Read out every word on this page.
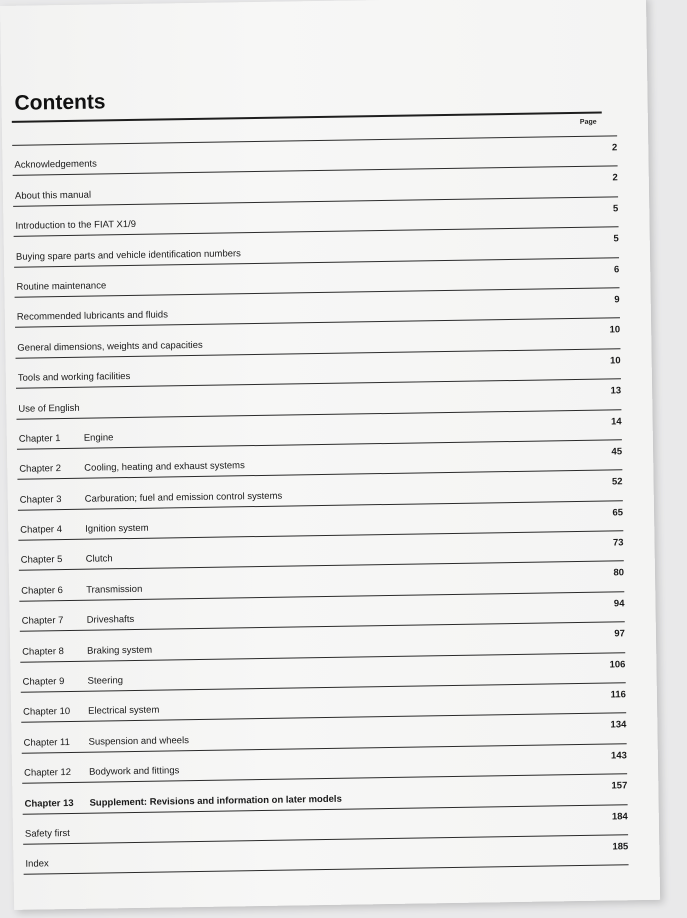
Contents
Page
2
Acknowledgements
2
About this manual
5
Introduction to the FIAT X1/9
5
Buying spare parts and vehicle identification numbers
6
Routine maintenance
9
Recommended lubricants and fluids
10
General dimensions, weights and capacities
10
Tools and working facilities
13
Use of English
14
Chapter 1 Engine
45
Chapter 2 Cooling, heating and exhaust systems
52
Chapter 3 Carburation; fuel and emission control systems
65
Chatper 4 Ignition system
73
Chapter 5 Clutch
80
Chapter 6 Transmission
94
Chapter 7 Driveshafts
97
Chapter 8 Braking system
106
Chapter 9 Steering
116
Chapter 10 Electrical system
134
Chapter 11 Suspension and wheels
143
Chapter 12 Bodywork and fittings
157
Chapter 13 Supplement: Revisions and information on later models
184
Safety first
185
Index
